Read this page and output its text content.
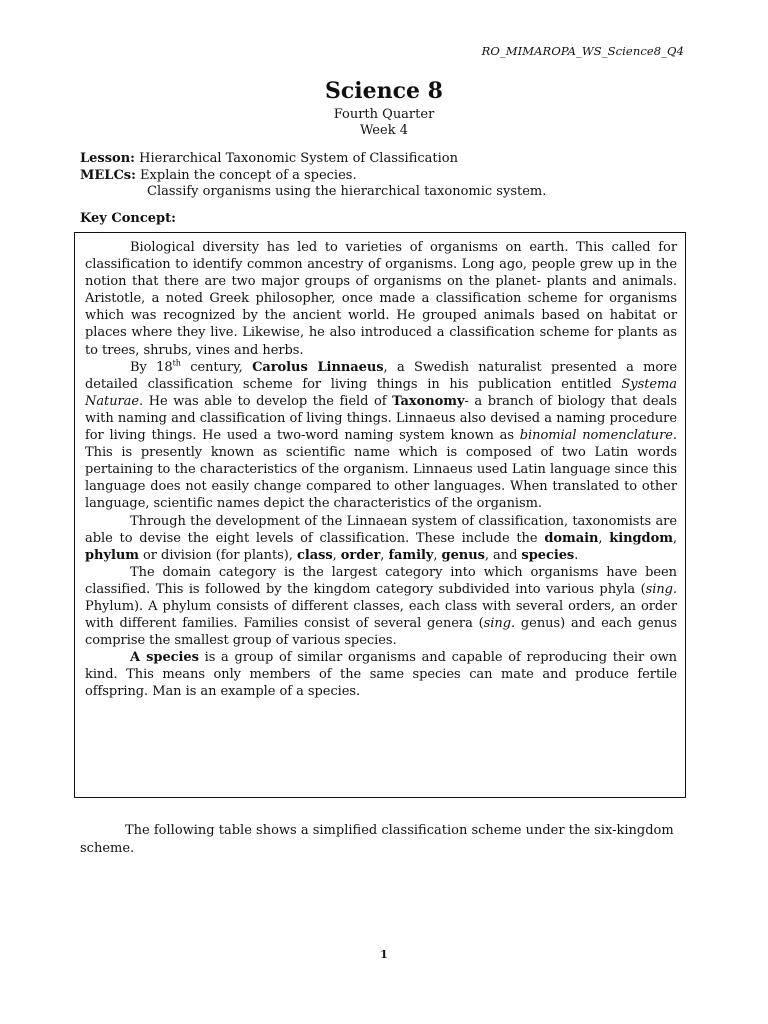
RO_MIMAROPA_WS_Science8_Q4
Science 8
Fourth Quarter
Week 4
Lesson: Hierarchical Taxonomic System of Classification
MELCs: Explain the concept of a species.
Classify organisms using the hierarchical taxonomic system.
Key Concept:

Biological diversity has led to varieties of organisms on earth. This called for classification to identify common ancestry of organisms. Long ago, people grew up in the notion that there are two major groups of organisms on the planet- plants and animals. Aristotle, a noted Greek philosopher, once made a classification scheme for organisms which was recognized by the ancient world. He grouped animals based on habitat or places where they live. Likewise, he also introduced a classification scheme for plants as to trees, shrubs, vines and herbs.

By 18th century, Carolus Linnaeus, a Swedish naturalist presented a more detailed classification scheme for living things in his publication entitled Systema Naturae. He was able to develop the field of Taxonomy- a branch of biology that deals with naming and classification of living things. Linnaeus also devised a naming procedure for living things. He used a two-word naming system known as binomial nomenclature. This is presently known as scientific name which is composed of two Latin words pertaining to the characteristics of the organism. Linnaeus used Latin language since this language does not easily change compared to other languages. When translated to other language, scientific names depict the characteristics of the organism.

Through the development of the Linnaean system of classification, taxonomists are able to devise the eight levels of classification. These include the domain, kingdom, phylum or division (for plants), class, order, family, genus, and species.

The domain category is the largest category into which organisms have been classified. This is followed by the kingdom category subdivided into various phyla (sing. Phylum). A phylum consists of different classes, each class with several orders, an order with different families. Families consist of several genera (sing. genus) and each genus comprise the smallest group of various species.

A species is a group of similar organisms and capable of reproducing their own kind. This means only members of the same species can mate and produce fertile offspring. Man is an example of a species.

The following table shows a simplified classification scheme under the six-kingdom scheme.
1
